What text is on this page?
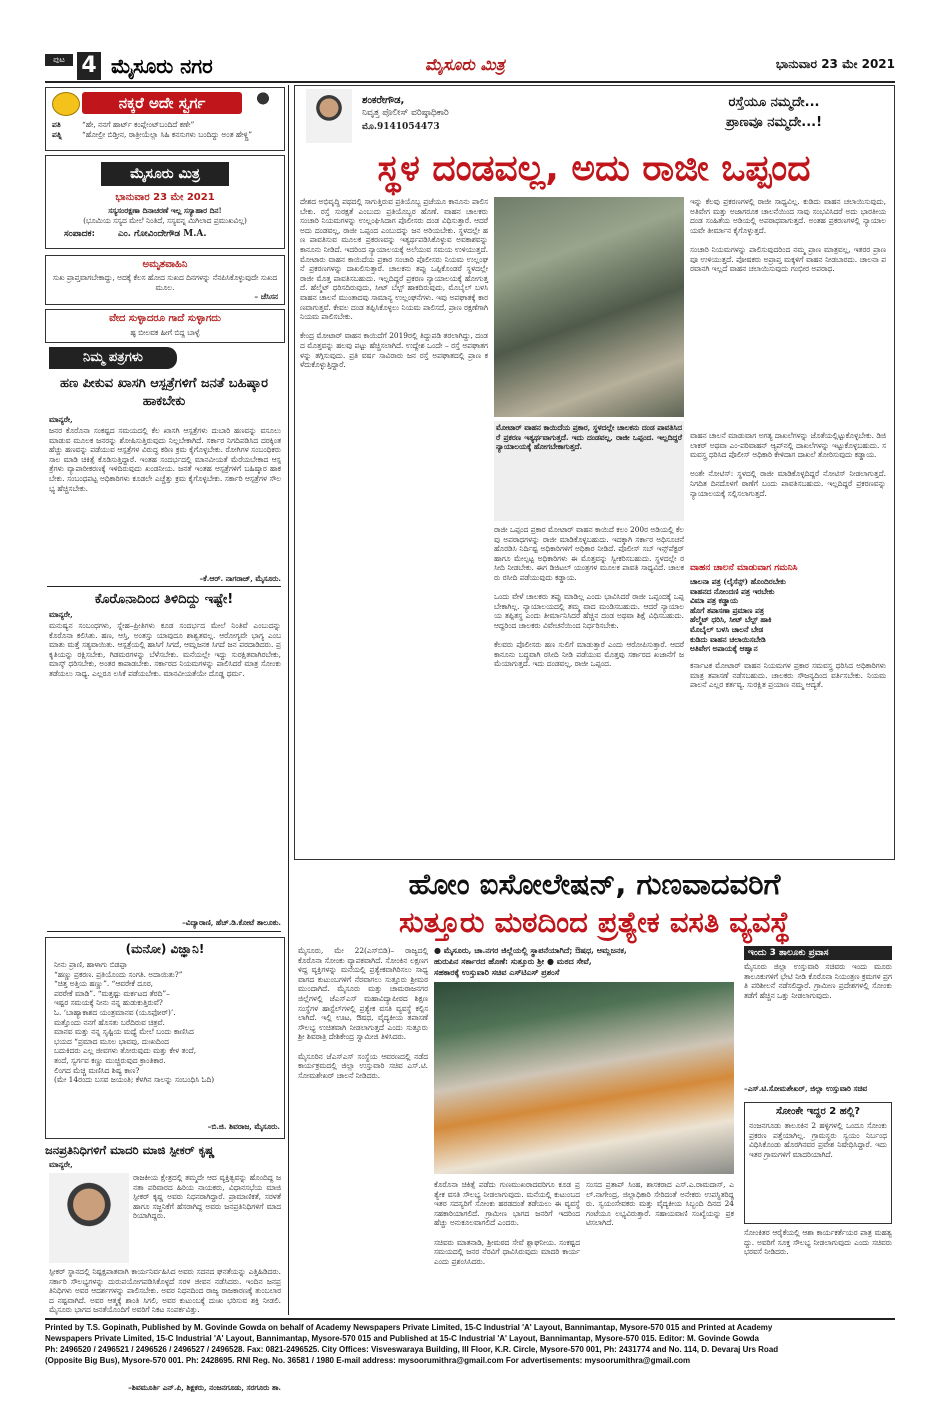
ಪುಟ 4 ಮೈಸೂರು ನಗರ	ಮೈಸೂರು ಮಿತ್ರ	ಭಾನುವಾರ 23 ಮೇ 2021
ನಕ್ಕರೆ ಅದೇ ಸ್ವರ್ಗ
ಪತಿ	“ಹೇ, ನನಗೆ ಹಾರ್ಟ್ ಕಂಪ್ಲೇಂಟ್‌ಬಂದಿದೆ ಕಣೇ”
ಪತ್ನಿ	“ಹೋಲ್ರೀ ಬಿಡ್ತೀನ, ರಾತ್ರೀಯೆಲ್ಲಾ ಸಿಹಿ ಕನಸುಗಳು ಬಂದಿದ್ದು ಅಂತ ಹೇಳ್ದ್ರಿ”
ಮೈಸೂರು ಮಿತ್ರ
ಭಾನುವಾರ 23 ಮೇ 2021
ಸಸ್ಯಸಂರಕ್ಷಣಾ ದಿನಾಚರಣೆ ಇಲ್ಲ ಸಸ್ಯಾಹಾರ ದಿನ!
(ಭೂಮಿಯ ಸಸ್ಯದ ಮೇಲೆ ನಿಂತಿದೆ, ಸಸ್ಯವನ್ನ ಮಿಗಿಲಾದ ಪ್ರಮುಖವಿಲ್ಲ)
ಸಂಪಾದಕ:	ಎಂ. ಗೋವಿಂದೇಗೌಡ M.A.
ಅಮೃತವಾಹಿನಿ
ಸುಖ ಪ್ರಾಪ್ತವಾಗಬೇಕಾದ್ದು, ಅದಕ್ಕೆ ಕೆಲಸ ಹೋದ ಸುಖದ ದಿನಗಳನ್ನು ನೆನಪಿಸಿಕೊಳ್ಳುವುದೇ ಸುಖದ ಮೂಲ.
– ಚೆಸಿಸನ
ವೇದ ಸುಳ್ಳಾದರೂ ಗಾದೆ ಸುಳ್ಳಾಗದು
ಹ್ಳ ಬೀಲವಕ ಹೀಗೆ ಬಿದ್ದ ಬಾಳ್ಳೆ
ನಿಮ್ಮ ಪತ್ರಗಳು
ಹಣ ಪೀಕುವ ಖಾಸಗಿ ಆಸ್ಪತ್ರೆಗಳಿಗೆ ಜನತೆ ಬಹಿಷ್ಕಾರ ಹಾಕಬೇಕು
ಮಾನ್ಯರೇ,
ಜನರ ಕೊರೊನಾ ಸಂಕಷ್ಟದ ಸಮಯದಲ್ಲಿ ಕೆಲ ಖಾಸಗಿ ಆಸ್ಪತ್ರೆಗಳು ದುಬಾರಿ ಹಣವನ್ನು ವಸೂಲು ಮಾಡುವ ಮೂಲಕ ಜನರನ್ನು ಶೋಷಿಸುತ್ತಿರುವುದು ನಿಲ್ಲಬೇಕಾಗಿದೆ. ಸರ್ಕಾರ ನಿಗದಿಪಡಿಸಿದ ದರಕ್ಕಿಂತ ಹೆಚ್ಚು ಹಣವನ್ನು ಪಡೆಯುವ ಆಸ್ಪತ್ರೆಗಳ ವಿರುದ್ಧ ಕಠಿಣ ಕ್ರಮ ಕೈಗೊಳ್ಳಬೇಕು. ರೋಗಿಗಳ ಸಂಬಂಧಿಕರು ಸಾಲ ಮಾಡಿ ಚಿಕಿತ್ಸೆ ಕೊಡಿಸುತ್ತಿದ್ದಾರೆ. ಇಂತಹ ಸಂದರ್ಭದಲ್ಲಿ ಮಾನವೀಯತೆ ಮೆರೆಯಬೇಕಾದ ಆಸ್ಪತ್ರೆಗಳು ವ್ಯಾಪಾರೀಕರಣಕ್ಕೆ ಇಳಿದಿರುವುದು ಖಂಡನೀಯ. ಜನತೆ ಇಂತಹ ಆಸ್ಪತ್ರೆಗಳಿಗೆ ಬಹಿಷ್ಕಾರ ಹಾಕಬೇಕು. ಸಂಬಂಧಪಟ್ಟ ಅಧಿಕಾರಿಗಳು ಕೂಡಲೇ ಎಚ್ಚೆತ್ತು ಕ್ರಮ ಕೈಗೊಳ್ಳಬೇಕು. ಸರ್ಕಾರಿ ಆಸ್ಪತ್ರೆಗಳ ಸೌಲಭ್ಯ ಹೆಚ್ಚಿಸಬೇಕು.
–ಕೆ.ಆರ್. ನಾಗರಾಜ್, ಮೈಸೂರು.
ಕೊರೊನಾದಿಂದ ತಿಳಿದಿದ್ದು ಇಷ್ಟೇ!
ಮಾನ್ಯರೇ,
ಮನುಷ್ಯನ ಸಂಬಂಧಗಳು, ಸ್ನೇಹ–ಪ್ರೀತಿಗಳು ಕೂಡ ಸಂದರ್ಭದ ಮೇಲೆ ನಿಂತಿವೆ ಎಂಬುದನ್ನು ಕೊರೊನಾ ಕಲಿಸಿತು. ಹಣ, ಆಸ್ತಿ, ಅಂತಸ್ತು ಯಾವುದೂ ಶಾಶ್ವತವಲ್ಲ. ಆರೋಗ್ಯವೇ ಭಾಗ್ಯ ಎಂಬ ಮಾತು ಮತ್ತೆ ಸತ್ಯವಾಯಿತು. ಆಸ್ಪತ್ರೆಯಲ್ಲಿ ಹಾಸಿಗೆ ಸಿಗದೆ, ಆಮ್ಲಜನಕ ಸಿಗದೆ ಜನ ಪರದಾಡಿದರು. ಪ್ರಕೃತಿಯನ್ನು ರಕ್ಷಿಸಬೇಕು, ಗಿಡಮರಗಳನ್ನು ಬೆಳೆಸಬೇಕು. ಮನೆಯಲ್ಲೇ ಇದ್ದು ಸುರಕ್ಷಿತವಾಗಿರಬೇಕು, ಮಾಸ್ಕ್ ಧರಿಸಬೇಕು, ಅಂತರ ಕಾಪಾಡಬೇಕು. ಸರ್ಕಾರದ ನಿಯಮಗಳನ್ನು ಪಾಲಿಸಿದರೆ ಮಾತ್ರ ಸೋಂಕು ತಡೆಯಲು ಸಾಧ್ಯ. ಎಲ್ಲರೂ ಲಸಿಕೆ ಪಡೆಯಬೇಕು. ಮಾನವೀಯತೆಯೇ ದೊಡ್ಡ ಧರ್ಮ.
–ವಿದ್ಯಾರಾಣಿ, ಹೆಚ್.ಡಿ.ಕೋಟೆ ತಾಲೂಕು.
(ಮನೋ) ವಿಜ್ಞಾನಿ!
ನೀನು ಪ್ರಾಣಿ, ಹಾಳಾಗು ಬಿಡಪ್ಪಾ
“ಹಣ್ಣು ಪ್ರಕರಣ. ಪ್ರತಿಯೊಂದು ಸಂಗತಿ. ಅದಾಯಿತು?”
“ಚಿತ್ತ ಅತ್ತಿಯ ಹಣ್ಣು”. “ಆವರೇಕೆ ದೂರ,
ಪರರೇಕೆ ಮಾಡಿ”. “ಮತ್ತಷ್ಟು ಮರ್ಕಟದ ತೆರದಿ”–
ಇಷ್ಟರ ಸಮಯಕ್ಕೆ ನೀನು ನನ್ನ ಹುಡುಕುತ್ತಿರುವೆ?
ಓ. ‘ಬಾಹ್ಯಾಕಾಶದ ಯಂತ್ರಮಾನವ (ಯೂಫೋರ್)’.
ಮತ್ತೊಂದು ನನಗೆ ಹೊಸತು ಬರೆದಿರುವ ಚಿತ್ರವೆ.
ಮಾನವ ಮತ್ತು ನನ್ನ ಸೃಷ್ಟಿಯ ಮಧ್ಯೆ ಮೇಲೆ ಬಂದು ಕಾಣಿಸಿದ
ಭಯದ “ಪ್ರಮಾದ ಮೂಲ ಭಾವವು, ದುಃಖದಿಂದ
ಬದುಕಿದರು ಎಲ್ಲ ಜೀವಗಳು ತೋರುವುದು ಮತ್ತು ಕೇಳ ತಂದೆ,
ತಂದೆ, ಸ್ವರ್ಗವ ಕಣ್ಣು ಮುಚ್ಚಿರುವುದ ಕ್ರಾಂತಿಕಾರ.
ಲಿಂಗದ ಮೆಚ್ಚಿ ಮಣಿಸಿದ ಶಿಷ್ಯ ಕಾಣ?
(ಮೇ 14ರಂದು ಬಸವ ಜಯಂತಿ; ಕೆಳಗಿನ ಸಾಲನ್ನು ಸಂಬಂಧಿಸಿ ಓದಿ)
–ಬಿ.ಜಿ. ಶಿವರಾಜ, ಮೈಸೂರು.
ಜನಪ್ರತಿನಿಧಿಗಳಿಗೆ ಮಾದರಿ ಮಾಜಿ ಸ್ಪೀಕರ್ ಕೃಷ್ಣ
ಮಾನ್ಯರೇ,
ರಾಜಕೀಯ ಕ್ಷೇತ್ರದಲ್ಲಿ ತಮ್ಮದೇ ಆದ ವ್ಯಕ್ತಿತ್ವವನ್ನು ಹೊಂದಿದ್ದ ಜನತಾ ಪರಿವಾರದ ಹಿರಿಯ ನಾಯಕರು, ವಿಧಾನಸಭೆಯ ಮಾಜಿ ಸ್ಪೀಕರ್ ಕೃಷ್ಣ ಅವರು ನಿಧನರಾಗಿದ್ದಾರೆ. ಪ್ರಾಮಾಣಿಕತೆ, ಸರಳತೆ ಹಾಗೂ ಸಜ್ಜನಿಕೆಗೆ ಹೆಸರಾಗಿದ್ದ ಅವರು ಜನಪ್ರತಿನಿಧಿಗಳಿಗೆ ಮಾದರಿಯಾಗಿದ್ದರು.
ಸ್ಪೀಕರ್ ಸ್ಥಾನದಲ್ಲಿ ನಿಷ್ಪಕ್ಷಪಾತವಾಗಿ ಕಾರ್ಯನಿರ್ವಹಿಸಿದ ಅವರು ಸದನದ ಘನತೆಯನ್ನು ಎತ್ತಿಹಿಡಿದರು. ಸರ್ಕಾರಿ ಸೌಲಭ್ಯಗಳನ್ನು ದುರುಪಯೋಗಪಡಿಸಿಕೊಳ್ಳದೆ ಸರಳ ಜೀವನ ನಡೆಸಿದರು. ಇಂದಿನ ಜನಪ್ರತಿನಿಧಿಗಳು ಅವರ ಆದರ್ಶಗಳನ್ನು ಪಾಲಿಸಬೇಕು. ಅವರ ನಿಧನದಿಂದ ರಾಜ್ಯ ರಾಜಕಾರಣಕ್ಕೆ ತುಂಬಲಾರದ ನಷ್ಟವಾಗಿದೆ. ಅವರ ಆತ್ಮಕ್ಕೆ ಶಾಂತಿ ಸಿಗಲಿ, ಅವರ ಕುಟುಂಬಕ್ಕೆ ದುಃಖ ಭರಿಸುವ ಶಕ್ತಿ ನೀಡಲಿ. ಮೈಸೂರು ಭಾಗದ ಜನತೆಯೊಂದಿಗೆ ಅವರಿಗೆ ನಿಕಟ ಸಂಪರ್ಕವಿತ್ತು.
–ಶಿವಮೂರ್ತಿ ಎನ್.ಪಿ, ಶಿಕ್ಷಕರು, ನಂಜನಗೂಡು, ಸರಗೂರು ತಾ.
ಶಂಕರೇಗೌಡ,
ನಿವೃತ್ತ ಪೊಲೀಸ್ ವರಿಷ್ಠಾಧಿಕಾರಿ
ಮೊ.9141054473
ರಸ್ತೆಯೂ ನಮ್ಮದೇ...
ಪ್ರಾಣವೂ ನಮ್ಮದೇ...!
ಸ್ಥಳ ದಂಡವಲ್ಲ, ಅದು ರಾಜೀ ಒಪ್ಪಂದ
ದೇಶದ ಅಭಿವೃದ್ಧಿ ಪಥದಲ್ಲಿ ಸಾಗುತ್ತಿರುವ ಪ್ರತಿಯೊಬ್ಬ ಪ್ರಜೆಯೂ ಕಾನೂನು ಪಾಲಿಸಬೇಕು. ರಸ್ತೆ ಸುರಕ್ಷತೆ ಎಂಬುದು ಪ್ರತಿಯೊಬ್ಬರ ಹೊಣೆ. ವಾಹನ ಚಾಲಕರು ಸಂಚಾರಿ ನಿಯಮಗಳನ್ನು ಉಲ್ಲಂಘಿಸಿದಾಗ ಪೊಲೀಸರು ದಂಡ ವಿಧಿಸುತ್ತಾರೆ. ಆದರೆ ಅದು ದಂಡವಲ್ಲ, ರಾಜೀ ಒಪ್ಪಂದ ಎಂಬುದನ್ನು ಜನ ಅರಿಯಬೇಕು. ಸ್ಥಳದಲ್ಲೇ ಹಣ ಪಾವತಿಸುವ ಮೂಲಕ ಪ್ರಕರಣವನ್ನು ಇತ್ಯರ್ಥಪಡಿಸಿಕೊಳ್ಳುವ ಅವಕಾಶವನ್ನು ಕಾನೂನು ನೀಡಿದೆ. ಇದರಿಂದ ನ್ಯಾಯಾಲಯಕ್ಕೆ ಅಲೆಯುವ ಸಮಯ ಉಳಿಯುತ್ತದೆ. ಮೋಟಾರು ವಾಹನ ಕಾಯಿದೆಯ ಪ್ರಕಾರ ಸಂಚಾರಿ ಪೊಲೀಸರು ನಿಯಮ ಉಲ್ಲಂಘನೆ ಪ್ರಕರಣಗಳನ್ನು ದಾಖಲಿಸುತ್ತಾರೆ. ಚಾಲಕನು ತಪ್ಪು ಒಪ್ಪಿಕೊಂಡರೆ ಸ್ಥಳದಲ್ಲೇ ರಾಜೀ ಮೊತ್ತ ಪಾವತಿಸಬಹುದು. ಇಲ್ಲದಿದ್ದರೆ ಪ್ರಕರಣ ನ್ಯಾಯಾಲಯಕ್ಕೆ ಹೋಗುತ್ತದೆ. ಹೆಲ್ಮೆಟ್ ಧರಿಸದಿರುವುದು, ಸೀಟ್ ಬೆಲ್ಟ್ ಹಾಕದಿರುವುದು, ಮೊಬೈಲ್ ಬಳಸಿ ವಾಹನ ಚಾಲನೆ ಮುಂತಾದವು ಸಾಮಾನ್ಯ ಉಲ್ಲಂಘನೆಗಳು. ಇವು ಅಪಘಾತಕ್ಕೆ ಕಾರಣವಾಗುತ್ತವೆ. ಕೇವಲ ದಂಡ ತಪ್ಪಿಸಿಕೊಳ್ಳಲು ನಿಯಮ ಪಾಲಿಸದೆ, ಪ್ರಾಣ ರಕ್ಷಣೆಗಾಗಿ ನಿಯಮ ಪಾಲಿಸಬೇಕು.

ಕೇಂದ್ರ ಮೋಟಾರ್ ವಾಹನ ಕಾಯಿದೆಗೆ 2019ರಲ್ಲಿ ತಿದ್ದುಪಡಿ ತರಲಾಗಿದ್ದು, ದಂಡದ ಮೊತ್ತವನ್ನು ಹಲವು ಪಟ್ಟು ಹೆಚ್ಚಿಸಲಾಗಿದೆ. ಉದ್ದೇಶ ಒಂದೇ – ರಸ್ತೆ ಅಪಘಾತಗಳನ್ನು ತಗ್ಗಿಸುವುದು. ಪ್ರತಿ ವರ್ಷ ಸಾವಿರಾರು ಜನ ರಸ್ತೆ ಅಪಘಾತದಲ್ಲಿ ಪ್ರಾಣ ಕಳೆದುಕೊಳ್ಳುತ್ತಿದ್ದಾರೆ.
ಮೋಟಾರ್ ವಾಹನ ಕಾಯಿದೆಯ ಪ್ರಕಾರ, ಸ್ಥಳದಲ್ಲೇ ಚಾಲಕನು ದಂಡ ಪಾವತಿಸಿದರೆ ಪ್ರಕರಣ ಇತ್ಯರ್ಥವಾಗುತ್ತದೆ. ಇದು ದಂಡವಲ್ಲ, ರಾಜೀ ಒಪ್ಪಂದ. ಇಲ್ಲದಿದ್ದರೆ ನ್ಯಾಯಾಲಯಕ್ಕೆ ಹೋಗಬೇಕಾಗುತ್ತದೆ.
ರಾಜೀ ಒಪ್ಪಂದ ಪ್ರಕಾರ ಮೋಟಾರ್ ವಾಹನ ಕಾಯಿದೆ ಕಲಂ 200ರ ಅಡಿಯಲ್ಲಿ ಕೆಲವು ಅಪರಾಧಗಳನ್ನು ರಾಜೀ ಮಾಡಿಕೊಳ್ಳಬಹುದು. ಇದಕ್ಕಾಗಿ ಸರ್ಕಾರ ಅಧಿಸೂಚನೆ ಹೊರಡಿಸಿ ನಿರ್ದಿಷ್ಟ ಅಧಿಕಾರಿಗಳಿಗೆ ಅಧಿಕಾರ ನೀಡಿದೆ. ಪೊಲೀಸ್ ಸಬ್ ಇನ್ಸ್‌ಪೆಕ್ಟರ್ ಹಾಗೂ ಮೇಲ್ಪಟ್ಟ ಅಧಿಕಾರಿಗಳು ಈ ಮೊತ್ತವನ್ನು ಸ್ವೀಕರಿಸಬಹುದು. ಸ್ಥಳದಲ್ಲೇ ರಸೀದಿ ನೀಡಬೇಕು. ಈಗ ಡಿಜಿಟಲ್ ಯಂತ್ರಗಳ ಮೂಲಕ ಪಾವತಿ ಸಾಧ್ಯವಿದೆ. ಚಾಲಕರು ರಸೀದಿ ಪಡೆಯುವುದು ಕಡ್ಡಾಯ.

ಒಂದು ವೇಳೆ ಚಾಲಕರು ತಪ್ಪು ಮಾಡಿಲ್ಲ ಎಂದು ಭಾವಿಸಿದರೆ ರಾಜೀ ಒಪ್ಪಂದಕ್ಕೆ ಒಪ್ಪಬೇಕಾಗಿಲ್ಲ. ನ್ಯಾಯಾಲಯದಲ್ಲಿ ತಮ್ಮ ವಾದ ಮಂಡಿಸಬಹುದು. ಆದರೆ ನ್ಯಾಯಾಲಯ ತಪ್ಪಿತಸ್ಥ ಎಂದು ತೀರ್ಮಾನಿಸಿದರೆ ಹೆಚ್ಚಿನ ದಂಡ ಅಥವಾ ಶಿಕ್ಷೆ ವಿಧಿಸಬಹುದು. ಆದ್ದರಿಂದ ಚಾಲಕರು ವಿವೇಚನೆಯಿಂದ ನಿರ್ಧರಿಸಬೇಕು.

ಕೆಲವರು ಪೊಲೀಸರು ಹಣ ಸುಲಿಗೆ ಮಾಡುತ್ತಾರೆ ಎಂದು ಆರೋಪಿಸುತ್ತಾರೆ. ಆದರೆ ಕಾನೂನು ಬದ್ಧವಾಗಿ ರಸೀದಿ ನೀಡಿ ಪಡೆಯುವ ಮೊತ್ತವು ಸರ್ಕಾರದ ಖಜಾನೆಗೆ ಜಮೆಯಾಗುತ್ತದೆ. ಇದು ದಂಡವಲ್ಲ, ರಾಜೀ ಒಪ್ಪಂದ.
ಇನ್ನು ಕೆಲವು ಪ್ರಕರಣಗಳಲ್ಲಿ ರಾಜೀ ಸಾಧ್ಯವಿಲ್ಲ. ಕುಡಿದು ವಾಹನ ಚಲಾಯಿಸುವುದು, ಅತಿವೇಗ ಮತ್ತು ಅಜಾಗರೂಕ ಚಾಲನೆಯಿಂದ ಸಾವು ಸಂಭವಿಸಿದರೆ ಅದು ಭಾರತೀಯ ದಂಡ ಸಂಹಿತೆಯ ಅಡಿಯಲ್ಲಿ ಅಪರಾಧವಾಗುತ್ತದೆ. ಅಂತಹ ಪ್ರಕರಣಗಳಲ್ಲಿ ನ್ಯಾಯಾಲಯವೇ ತೀರ್ಮಾನ ಕೈಗೊಳ್ಳುತ್ತದೆ.

ಸಂಚಾರಿ ನಿಯಮಗಳನ್ನು ಪಾಲಿಸುವುದರಿಂದ ನಮ್ಮ ಪ್ರಾಣ ಮಾತ್ರವಲ್ಲ, ಇತರರ ಪ್ರಾಣವೂ ಉಳಿಯುತ್ತದೆ. ಪೋಷಕರು ಅಪ್ರಾಪ್ತ ಮಕ್ಕಳಿಗೆ ವಾಹನ ನೀಡಬಾರದು. ಚಾಲನಾ ಪರವಾನಗಿ ಇಲ್ಲದೆ ವಾಹನ ಚಲಾಯಿಸುವುದು ಗಂಭೀರ ಅಪರಾಧ.
ವಾಹನ ಚಾಲನೆ ಮಾಡುವಾಗ ಅಗತ್ಯ ದಾಖಲೆಗಳನ್ನು ಜೊತೆಯಲ್ಲಿಟ್ಟುಕೊಳ್ಳಬೇಕು. ಡಿಜಿ ಲಾಕರ್ ಅಥವಾ ಎಂ-ಪರಿವಾಹನ್ ಆ್ಯಪ್‌ನಲ್ಲಿ ದಾಖಲೆಗಳನ್ನು ಇಟ್ಟುಕೊಳ್ಳಬಹುದು. ಸಮವಸ್ತ್ರ ಧರಿಸಿದ ಪೊಲೀಸ್ ಅಧಿಕಾರಿ ಕೇಳಿದಾಗ ದಾಖಲೆ ತೋರಿಸುವುದು ಕಡ್ಡಾಯ.

ಅಂತೇ ನೋಟಿಸ್: ಸ್ಥಳದಲ್ಲಿ ರಾಜೀ ಮಾಡಿಕೊಳ್ಳದಿದ್ದರೆ ನೋಟಿಸ್ ನೀಡಲಾಗುತ್ತದೆ. ನಿಗದಿತ ದಿನದೊಳಗೆ ಠಾಣೆಗೆ ಬಂದು ಪಾವತಿಸಬಹುದು. ಇಲ್ಲದಿದ್ದರೆ ಪ್ರಕರಣವನ್ನು ನ್ಯಾಯಾಲಯಕ್ಕೆ ಸಲ್ಲಿಸಲಾಗುತ್ತದೆ.
ವಾಹನ ಚಾಲನೆ ಮಾಡುವಾಗ ಗಮನಿಸಿ
ಚಾಲನಾ ಪತ್ರ (ಲೈಸೆನ್ಸ್) ಹೊಂದಿರಬೇಕು
ವಾಹನದ ನೋಂದಣಿ ಪತ್ರ ಇರಬೇಕು
ವಿಮಾ ಪತ್ರ ಕಡ್ಡಾಯ
ಹೊಗೆ ತಪಾಸಣಾ ಪ್ರಮಾಣ ಪತ್ರ
ಹೆಲ್ಮೆಟ್ ಧರಿಸಿ, ಸೀಟ್ ಬೆಲ್ಟ್ ಹಾಕಿ
ಮೊಬೈಲ್ ಬಳಸಿ ಚಾಲನೆ ಬೇಡ
ಕುಡಿದು ವಾಹನ ಚಲಾಯಿಸಬೇಡಿ
ಅತಿವೇಗ ಅಪಾಯಕ್ಕೆ ಆಹ್ವಾನ
ಕರ್ನಾಟಕ ಮೋಟಾರ್ ವಾಹನ ನಿಯಮಗಳ ಪ್ರಕಾರ ಸಮವಸ್ತ್ರ ಧರಿಸಿದ ಅಧಿಕಾರಿಗಳು ಮಾತ್ರ ತಪಾಸಣೆ ನಡೆಸಬಹುದು. ಚಾಲಕರು ಸೌಜನ್ಯದಿಂದ ವರ್ತಿಸಬೇಕು. ನಿಯಮ ಪಾಲನೆ ಎಲ್ಲರ ಕರ್ತವ್ಯ. ಸುರಕ್ಷಿತ ಪ್ರಯಾಣ ನಮ್ಮ ಆದ್ಯತೆ.
ಹೋಂ ಐಸೋಲೇಷನ್, ಗುಣವಾದವರಿಗೆ
ಸುತ್ತೂರು ಮಠದಿಂದ ಪ್ರತ್ಯೇಕ ವಸತಿ ವ್ಯವಸ್ಥೆ
● ಮೈಸೂರು, ಚಾ.ನಗರ ಜಿಲ್ಲೆಯಲ್ಲಿ ಸ್ಥಾಪನೆಯಾಗಿದೆ; ಔಷಧ, ಆಮ್ಲಜನಕ,
ಹುರುಪಿನ ಸರ್ಕಾರದ ಹೊಣೆ: ಸುತ್ತೂರು ಶ್ರೀ ● ಮಠದ ಸೇವೆ,
ಸಹಕಾರಕ್ಕೆ ಉಸ್ತುವಾರಿ ಸಚಿವ ಎಸ್‌ಟಿಎಸ್ ಪ್ರಶಂಸೆ
ಮೈಸೂರು, ಮೇ 22(ಎಸ್‌ಬಿಡಿ)– ರಾಜ್ಯದಲ್ಲಿ ಕೊರೊನಾ ಸೋಂಕು ವ್ಯಾಪಕವಾಗಿದೆ. ಸೋಂಕಿನ ಲಕ್ಷಣಗಳಿದ್ದ ವ್ಯಕ್ತಿಗಳನ್ನು ಮನೆಯಲ್ಲಿ ಪ್ರತ್ಯೇಕವಾಗಿರಿಸಲು ಸಾಧ್ಯವಾಗದ ಕುಟುಂಬಗಳಿಗೆ ನೆರವಾಗಲು ಸುತ್ತೂರು ಶ್ರೀಮಠ ಮುಂದಾಗಿದೆ. ಮೈಸೂರು ಮತ್ತು ಚಾಮರಾಜನಗರ ಜಿಲ್ಲೆಗಳಲ್ಲಿ ಜೆಎಸ್‌ಎಸ್ ಮಹಾವಿದ್ಯಾಪೀಠದ ಶಿಕ್ಷಣ ಸಂಸ್ಥೆಗಳ ಹಾಸ್ಟೆಲ್‌ಗಳಲ್ಲಿ ಪ್ರತ್ಯೇಕ ವಸತಿ ವ್ಯವಸ್ಥೆ ಕಲ್ಪಿಸಲಾಗಿದೆ. ಇಲ್ಲಿ ಊಟ, ಔಷಧ, ವೈದ್ಯಕೀಯ ತಪಾಸಣೆ ಸೌಲಭ್ಯ ಉಚಿತವಾಗಿ ನೀಡಲಾಗುತ್ತದೆ ಎಂದು ಸುತ್ತೂರು ಶ್ರೀ ಶಿವರಾತ್ರಿ ದೇಶಿಕೇಂದ್ರ ಸ್ವಾಮೀಜಿ ತಿಳಿಸಿದರು.

ಮೈಸೂರಿನ ಜೆಎಸ್‌ಎಸ್ ಸಂಸ್ಥೆಯ ಆವರಣದಲ್ಲಿ ನಡೆದ ಕಾರ್ಯಕ್ರಮದಲ್ಲಿ ಜಿಲ್ಲಾ ಉಸ್ತುವಾರಿ ಸಚಿವ ಎಸ್.ಟಿ.ಸೋಮಶೇಖರ್ ಚಾಲನೆ ನೀಡಿದರು.
ಕೊರೊನಾ ಚಿಕಿತ್ಸೆ ಪಡೆದು ಗುಣಮುಖರಾದವರಿಗೂ ಕೂಡ ಪ್ರತ್ಯೇಕ ವಸತಿ ಸೌಲಭ್ಯ ನೀಡಲಾಗುವುದು. ಮನೆಯಲ್ಲಿ ಕುಟುಂಬದ ಇತರ ಸದಸ್ಯರಿಗೆ ಸೋಂಕು ಹರಡದಂತೆ ತಡೆಯಲು ಈ ವ್ಯವಸ್ಥೆ ಸಹಕಾರಿಯಾಗಲಿದೆ. ಗ್ರಾಮೀಣ ಭಾಗದ ಜನರಿಗೆ ಇದರಿಂದ ಹೆಚ್ಚು ಅನುಕೂಲವಾಗಲಿದೆ ಎಂದರು.

ಸಚಿವರು ಮಾತನಾಡಿ, ಶ್ರೀಮಠದ ಸೇವೆ ಶ್ಲಾಘನೀಯ. ಸಂಕಷ್ಟದ ಸಮಯದಲ್ಲಿ ಜನರ ನೆರವಿಗೆ ಧಾವಿಸಿರುವುದು ಮಾದರಿ ಕಾರ್ಯ ಎಂದು ಪ್ರಶಂಸಿಸಿದರು.
ಸಂಸದ ಪ್ರತಾಪ್ ಸಿಂಹ, ಶಾಸಕರಾದ ಎಸ್.ಎ.ರಾಮದಾಸ್, ಎಲ್.ನಾಗೇಂದ್ರ, ಜಿಲ್ಲಾಧಿಕಾರಿ ಸೇರಿದಂತೆ ಅನೇಕರು ಉಪಸ್ಥಿತರಿದ್ದರು. ಸ್ವಯಂಸೇವಕರು ಮತ್ತು ವೈದ್ಯಕೀಯ ಸಿಬ್ಬಂದಿ ದಿನದ 24 ಗಂಟೆಯೂ ಲಭ್ಯವಿರುತ್ತಾರೆ. ಸಹಾಯವಾಣಿ ಸಂಖ್ಯೆಯನ್ನು ಪ್ರಕಟಿಸಲಾಗಿದೆ.
ಇಂದು 3 ತಾಲೂಕು ಪ್ರವಾಸ
ಮೈಸೂರು ಜಿಲ್ಲಾ ಉಸ್ತುವಾರಿ ಸಚಿವರು ಇಂದು ಮೂರು ತಾಲೂಕುಗಳಿಗೆ ಭೇಟಿ ನೀಡಿ ಕೊರೊನಾ ನಿಯಂತ್ರಣ ಕ್ರಮಗಳ ಪ್ರಗತಿ ಪರಿಶೀಲನೆ ನಡೆಸಲಿದ್ದಾರೆ. ಗ್ರಾಮೀಣ ಪ್ರದೇಶಗಳಲ್ಲಿ ಸೋಂಕು ತಡೆಗೆ ಹೆಚ್ಚಿನ ಒತ್ತು ನೀಡಲಾಗುವುದು.
–ಎಸ್.ಟಿ.ಸೋಮಶೇಖರ್, ಜಿಲ್ಲಾ ಉಸ್ತುವಾರಿ ಸಚಿವ
ಸೋಂಕೇ ಇದ್ದರ 2 ಹಲ್ಲಿ?
ನಂಜನಗೂಡು ತಾಲೂಕಿನ 2 ಹಳ್ಳಿಗಳಲ್ಲಿ ಒಂದೂ ಸೋಂಕು ಪ್ರಕರಣ ಪತ್ತೆಯಾಗಿಲ್ಲ. ಗ್ರಾಮಸ್ಥರು ಸ್ವಯಂ ನಿರ್ಬಂಧ ವಿಧಿಸಿಕೊಂಡು ಹೊರಗಿನವರ ಪ್ರವೇಶ ನಿಷೇಧಿಸಿದ್ದಾರೆ. ಇದು ಇತರ ಗ್ರಾಮಗಳಿಗೆ ಮಾದರಿಯಾಗಿದೆ.
ಸೋಂಕಿತರ ಆರೈಕೆಯಲ್ಲಿ ಆಶಾ ಕಾರ್ಯಕರ್ತೆಯರ ಪಾತ್ರ ಮಹತ್ವದ್ದು. ಅವರಿಗೆ ಸೂಕ್ತ ಸೌಲಭ್ಯ ನೀಡಲಾಗುವುದು ಎಂದು ಸಚಿವರು ಭರವಸೆ ನೀಡಿದರು.
Printed by T.S. Gopinath, Published by M. Govinde Gowda on behalf of Academy Newspapers Private Limited, 15-C Industrial 'A' Layout, Bannimantap, Mysore-570 015 and Printed at Academy
Newspapers Private Limited, 15-C Industrial 'A' Layout, Bannimantap, Mysore-570 015 and Published at 15-C Industrial 'A' Layout, Bannimantap, Mysore-570 015. Editor: M. Govinde Gowda
Ph: 2496520 / 2496521 / 2496526 / 2496527 / 2496528. Fax: 0821-2496525. City Offices: Visveswaraya Building, III Floor, K.R. Circle, Mysore-570 001, Ph: 2431774 and No. 114, D. Devaraj Urs Road
(Opposite Big Bus), Mysore-570 001. Ph: 2428695. RNI Reg. No. 36581 / 1980 E-mail address: mysoorumithra@gmail.com For advertisements: mysoorumithra@gmail.com
